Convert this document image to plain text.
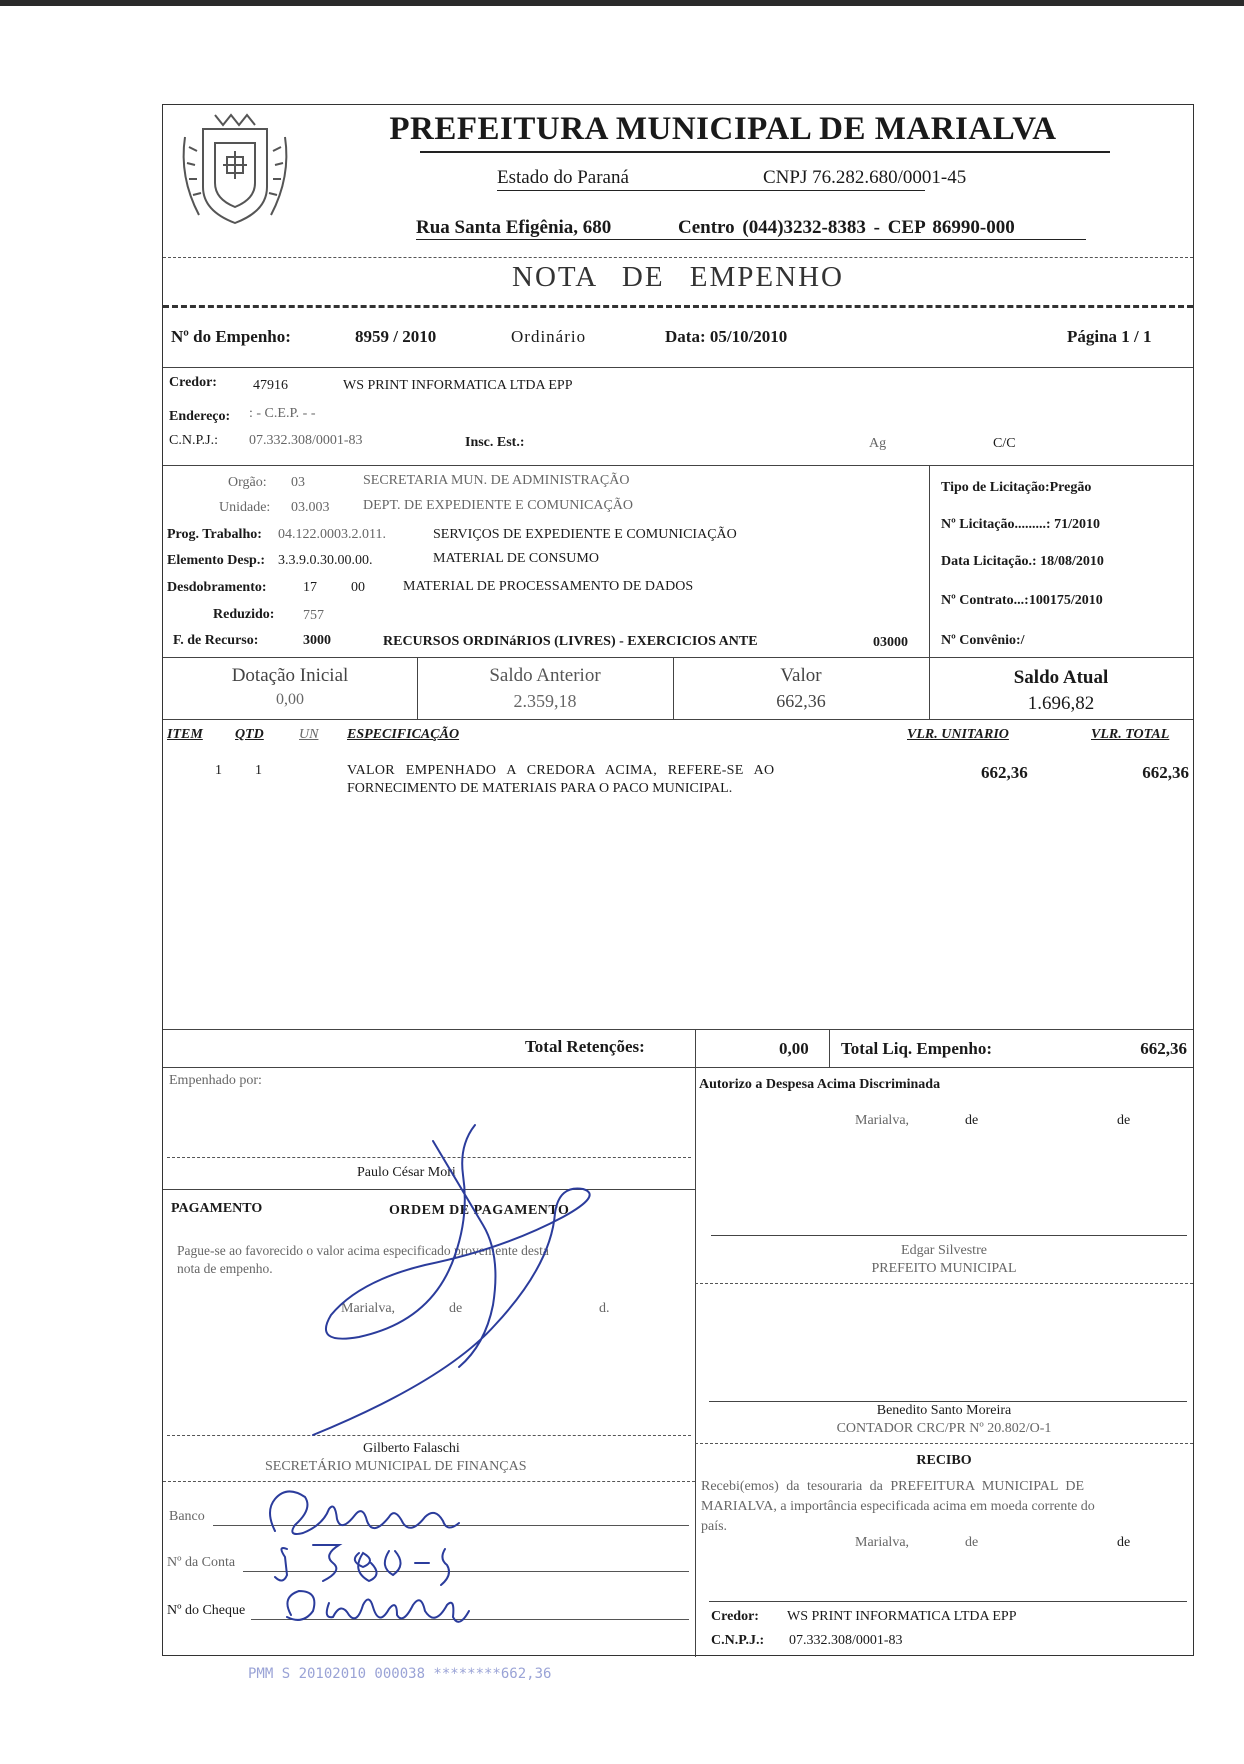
PREFEITURA MUNICIPAL DE MARIALVA
Estado do Paraná	CNPJ 76.282.680/0001-45
Rua Santa Efigênia, 680	Centro (044)3232-8383 - CEP 86990-000
NOTA DE EMPENHO
Nº do Empenho:	8959 / 2010	Ordinário	Data: 05/10/2010	Página 1 / 1
Credor:	47916	WS PRINT INFORMATICA LTDA EPP
Endereço: : - C.E.P. - -
C.N.P.J.: 07.332.308/0001-83	Insc. Est.:	Ag	C/C
Orgão: 03	SECRETARIA MUN. DE ADMINISTRAÇÃO
Unidade: 03.003 DEPT. DE EXPEDIENTE E COMUNICAÇÃO
Prog. Trabalho: 04.122.0003.2.011.	SERVIÇOS DE EXPEDIENTE E COMUNICIAÇÃO
Elemento Desp.: 3.3.9.0.30.00.00.	MATERIAL DE CONSUMO
Desdobramento:	17 00	MATERIAL DE PROCESSAMENTO DE DADOS
Reduzido: 757
F. de Recurso:	3000	RECURSOS ORDINáRIOS (LIVRES) - EXERCICIOS ANTE	03000
Tipo de Licitação:Pregão
Nº Licitação.........: 71/2010
Data Licitação.: 18/08/2010
Nº Contrato...:100175/2010
Nº Convênio:/
Dotação Inicial
0,00
Saldo Anterior
2.359,18
Valor
662,36
Saldo Atual
1.696,82
ITEM QTD	UN ESPECIFICAÇÃO	VLR. UNITARIO	VLR. TOTAL
1 1	VALOR EMPENHADO A CREDORA ACIMA, REFERE-SE AO
FORNECIMENTO DE MATERIAIS PARA O PACO MUNICIPAL.
662,36	662,36
Total Retenções:	0,00 Total Liq. Empenho:	662,36
Empenhado por:
Paulo César Mori
PAGAMENTO	ORDEM DE PAGAMENTO
Pague-se ao favorecido o valor acima especificado proveniente desta
nota de empenho.
Marialva,	de	d.
Gilberto Falaschi
SECRETÁRIO MUNICIPAL DE FINANÇAS
Banco
Nº da Conta
Nº do Cheque
Autorizo a Despesa Acima Discriminada
Marialva,	de	de
Edgar Silvestre
PREFEITO MUNICIPAL
Benedito Santo Moreira
CONTADOR CRC/PR Nº 20.802/O-1
RECIBO
Recebi(emos) da tesouraria da PREFEITURA MUNICIPAL DE
MARIALVA, a importância especificada acima em moeda corrente do
país.
Marialva,	de	de
Credor: WS PRINT INFORMATICA LTDA EPP
C.N.P.J.: 07.332.308/0001-83
PMM S 20102010 000038 ********662,36
